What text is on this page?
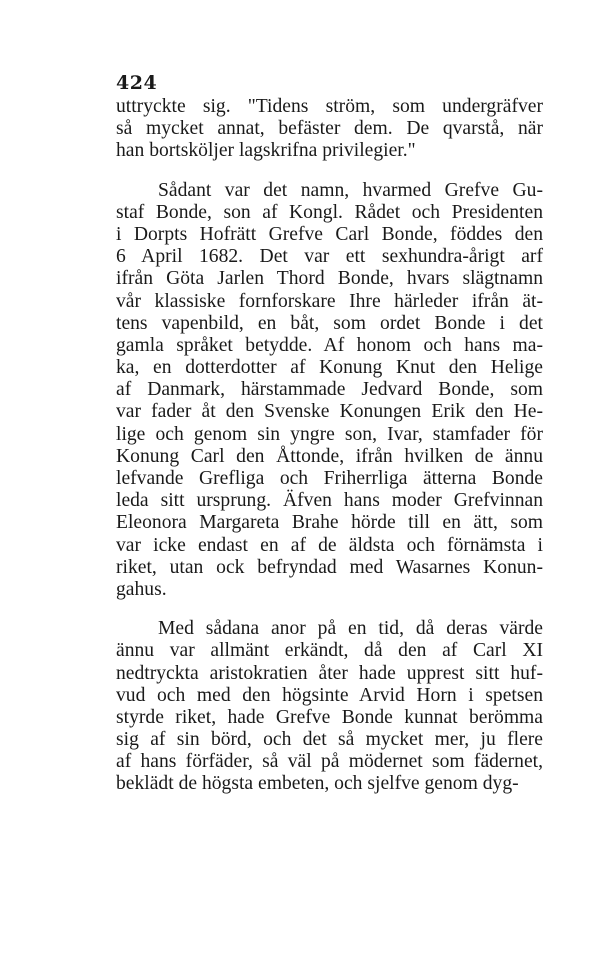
424
uttryckte sig. "Tidens ström, som undergräfver
så mycket annat, befäster dem. De qvarstå, när
han bortsköljer lagskrifna privilegier."
Sådant var det namn, hvarmed Grefve Gu-
staf Bonde, son af Kongl. Rådet och Presidenten
i Dorpts Hofrätt Grefve Carl Bonde, föddes den
6 April 1682. Det var ett sexhundra-årigt arf
ifrån Göta Jarlen Thord Bonde, hvars slägtnamn
vår klassiske fornforskare Ihre härleder ifrån ät-
tens vapenbild, en båt, som ordet Bonde i det
gamla språket betydde. Af honom och hans ma-
ka, en dotterdotter af Konung Knut den Helige
af Danmark, härstammade Jedvard Bonde, som
var fader åt den Svenske Konungen Erik den He-
lige och genom sin yngre son, Ivar, stamfader för
Konung Carl den Åttonde, ifrån hvilken de ännu
lefvande Grefliga och Friherrliga ätterna Bonde
leda sitt ursprung. Äfven hans moder Grefvinnan
Eleonora Margareta Brahe hörde till en ätt, som
var icke endast en af de äldsta och förnämsta i
riket, utan ock befryndad med Wasarnes Konun-
gahus.
Med sådana anor på en tid, då deras värde
ännu var allmänt erkändt, då den af Carl XI
nedtryckta aristokratien åter hade upprest sitt huf-
vud och med den högsinte Arvid Horn i spetsen
styrde riket, hade Grefve Bonde kunnat berömma
sig af sin börd, och det så mycket mer, ju flere
af hans förfäder, så väl på mödernet som fädernet,
beklädt de högsta embeten, och sjelfve genom dyg-
